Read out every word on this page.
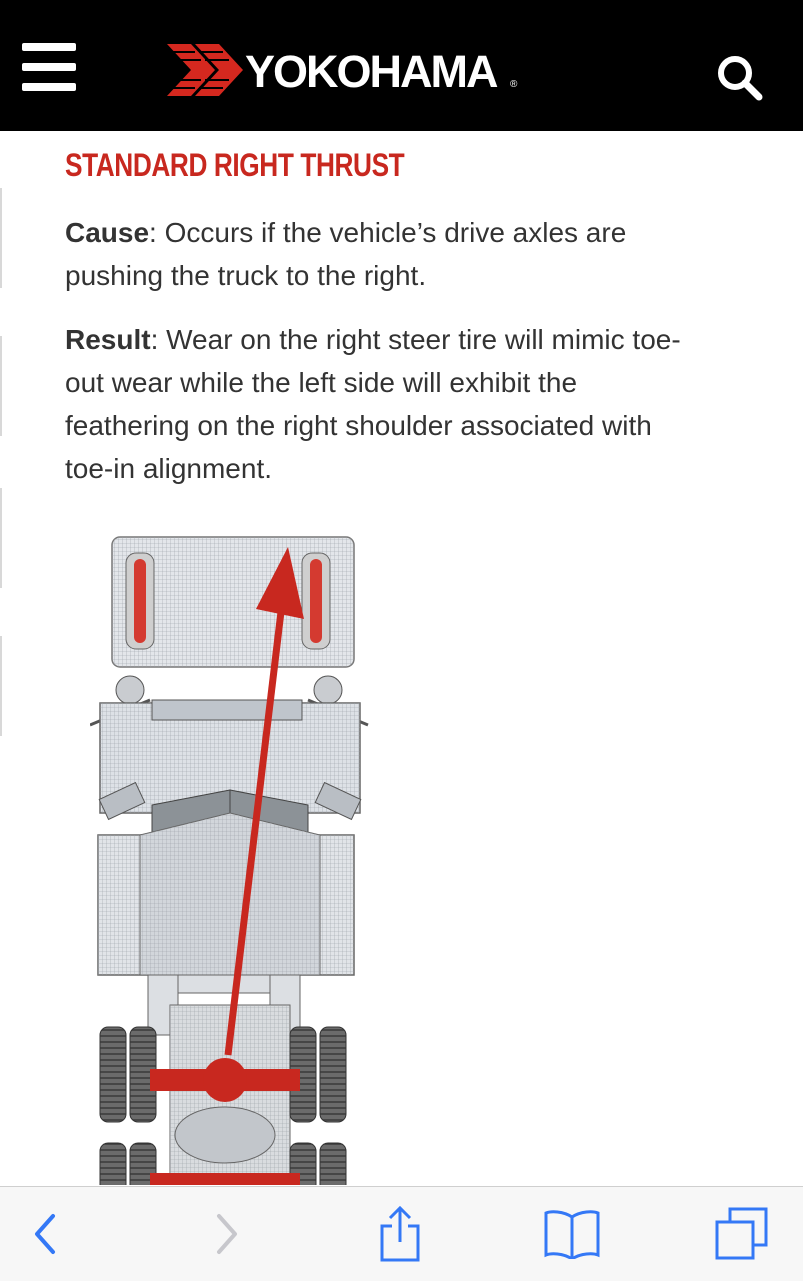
YOKOHAMA ®
STANDARD RIGHT THRUST
Cause: Occurs if the vehicle’s drive axles are pushing the truck to the right.
Result: Wear on the right steer tire will mimic toe-out wear while the left side will exhibit the feathering on the right shoulder associated with toe-in alignment.
